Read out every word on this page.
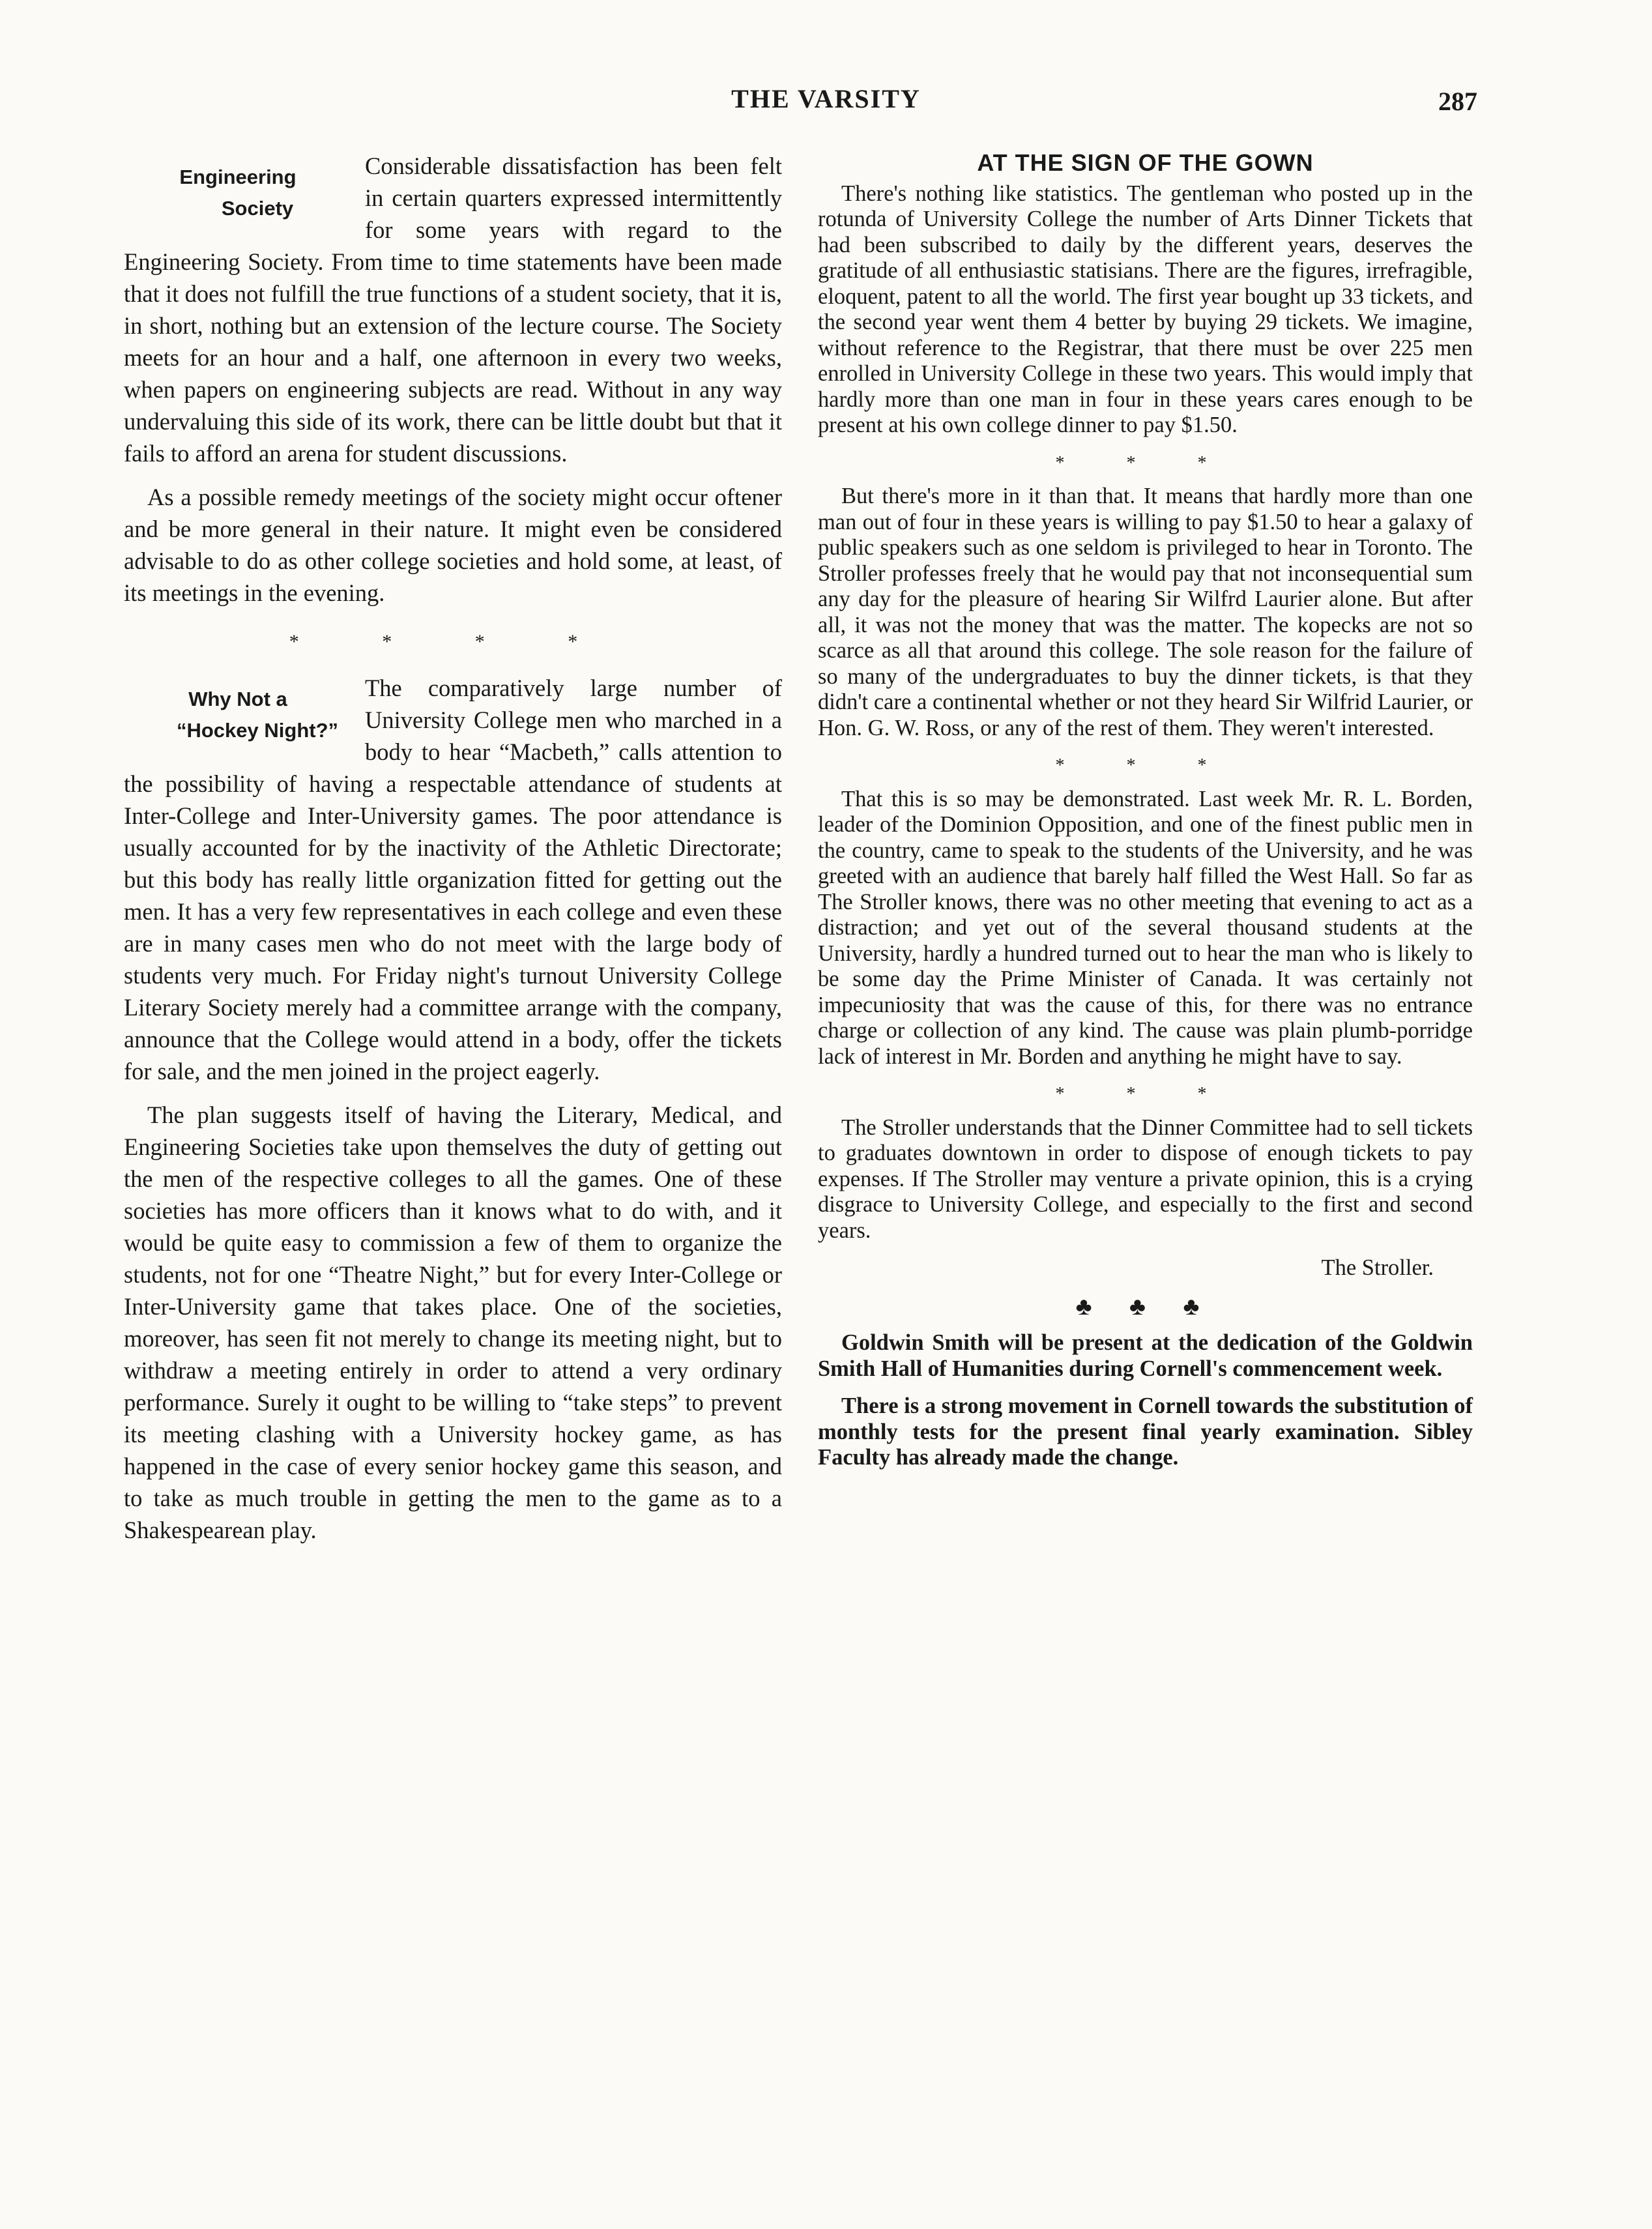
THE VARSITY	287
Engineering
Society

Considerable dissatisfaction has been felt in certain quarters expressed intermittently for some years with regard to the Engineering Society. From time to time statements have been made that it does not fulfill the true functions of a student society, that it is, in short, nothing but an extension of the lecture course. The Society meets for an hour and a half, one afternoon in every two weeks, when papers on engineering subjects are read. Without in any way undervaluing this side of its work, there can be little doubt but that it fails to afford an arena for student discussions.

As a possible remedy meetings of the society might occur oftener and be more general in their nature. It might even be considered advisable to do as other college societies and hold some, at least, of its meetings in the evening.

* * * *
Why Not a
“Hockey Night?”

The comparatively large number of University College men who marched in a body to hear “Macbeth,” calls attention to the possibility of having a respectable attendance of students at Inter-College and Inter-University games. The poor attendance is usually accounted for by the inactivity of the Athletic Directorate; but this body has really little organization fitted for getting out the men. It has a very few representatives in each college and even these are in many cases men who do not meet with the large body of students very much. For Friday night's turnout University College Literary Society merely had a committee arrange with the company, announce that the College would attend in a body, offer the tickets for sale, and the men joined in the project eagerly.

The plan suggests itself of having the Literary, Medical, and Engineering Societies take upon themselves the duty of getting out the men of the respective colleges to all the games. One of these societies has more officers than it knows what to do with, and it would be quite easy to commission a few of them to organize the students, not for one “Theatre Night,” but for every Inter-College or Inter-University game that takes place. One of the societies, moreover, has seen fit not merely to change its meeting night, but to withdraw a meeting entirely in order to attend a very ordinary performance. Surely it ought to be willing to “take steps” to prevent its meeting clashing with a University hockey game, as has happened in the case of every senior hockey game this season, and to take as much trouble in getting the men to the game as to a Shakespearean play.

AT THE SIGN OF THE GOWN

There's nothing like statistics. The gentleman who posted up in the rotunda of University College the number of Arts Dinner Tickets that had been subscribed to daily by the different years, deserves the gratitude of all enthusiastic statisians. There are the figures, irrefragible, eloquent, patent to all the world. The first year bought up 33 tickets, and the second year went them 4 better by buying 29 tickets. We imagine, without reference to the Registrar, that there must be over 225 men enrolled in University College in these two years. This would imply that hardly more than one man in four in these years cares enough to be present at his own college dinner to pay $1.50.

* * *

But there's more in it than that. It means that hardly more than one man out of four in these years is willing to pay $1.50 to hear a galaxy of public speakers such as one seldom is privileged to hear in Toronto. The Stroller professes freely that he would pay that not inconsequential sum any day for the pleasure of hearing Sir Wilfrd Laurier alone. But after all, it was not the money that was the matter. The kopecks are not so scarce as all that around this college. The sole reason for the failure of so many of the undergraduates to buy the dinner tickets, is that they didn't care a continental whether or not they heard Sir Wilfrid Laurier, or Hon. G. W. Ross, or any of the rest of them. They weren't interested.

* * *

That this is so may be demonstrated. Last week Mr. R. L. Borden, leader of the Dominion Opposition, and one of the finest public men in the country, came to speak to the students of the University, and he was greeted with an audience that barely half filled the West Hall. So far as The Stroller knows, there was no other meeting that evening to act as a distraction; and yet out of the several thousand students at the University, hardly a hundred turned out to hear the man who is likely to be some day the Prime Minister of Canada. It was certainly not impecuniosity that was the cause of this, for there was no entrance charge or collection of any kind. The cause was plain plumb-porridge lack of interest in Mr. Borden and anything he might have to say.

* * *

The Stroller understands that the Dinner Committee had to sell tickets to graduates downtown in order to dispose of enough tickets to pay expenses. If The Stroller may venture a private opinion, this is a crying disgrace to University College, and especially to the first and second years.

The Stroller.
♣ ♣ ♣

Goldwin Smith will be present at the dedication of the Goldwin Smith Hall of Humanities during Cornell's commencement week.

There is a strong movement in Cornell towards the substitution of monthly tests for the present final yearly examination. Sibley Faculty has already made the change.
